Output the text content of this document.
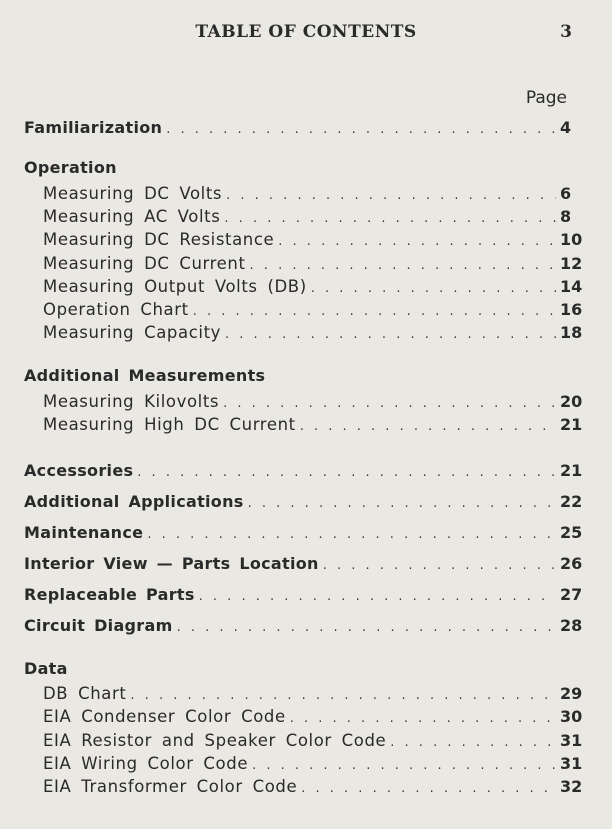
TABLE OF CONTENTS	3
Page
Familiarization . . .	4
Operation
Measuring DC Volts . . .	6
Measuring AC Volts . . .	8
Measuring DC Resistance . . .	10
Measuring DC Current . . .	12
Measuring Output Volts (DB) . . .	14
Operation Chart . . .	16
Measuring Capacity . . .	18
Additional Measurements
Measuring Kilovolts . . .	20
Measuring High DC Current . . .	21
Accessories . . .	21
Additional Applications . . .	22
Maintenance . . .	25
Interior View — Parts Location . . .	26
Replaceable Parts . . .	27
Circuit Diagram . . .	28
Data
DB Chart . . .	29
EIA Condenser Color Code . . .	30
EIA Resistor and Speaker Color Code . . .	31
EIA Wiring Color Code . . .	31
EIA Transformer Color Code . . .	32
